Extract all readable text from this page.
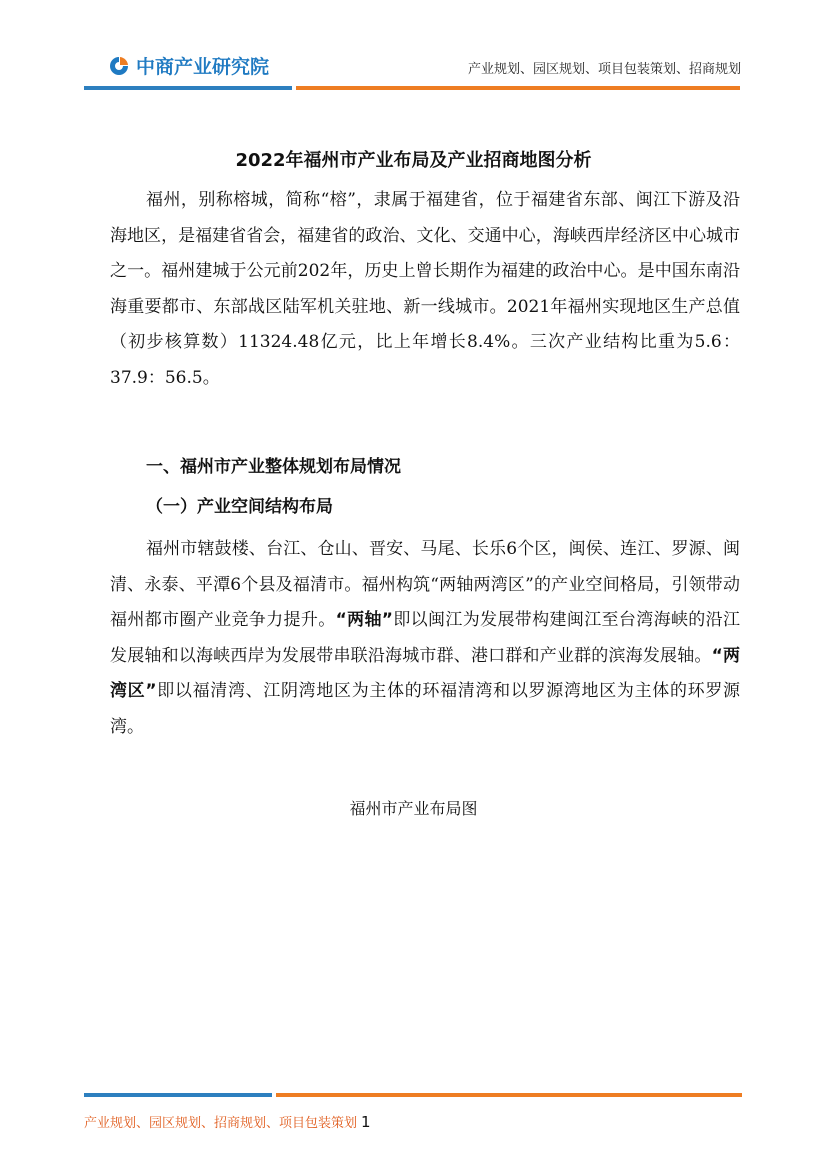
中商产业研究院	产业规划、园区规划、项目包装策划、招商规划
2022年福州市产业布局及产业招商地图分析

福州，别称榕城，简称“榕”，隶属于福建省，位于福建省东部、闽江下游及沿海地区，是福建省省会，福建省的政治、文化、交通中心，海峡西岸经济区中心城市之一。福州建城于公元前202年，历史上曾长期作为福建的政治中心。是中国东南沿海重要都市、东部战区陆军机关驻地、新一线城市。2021年福州实现地区生产总值（初步核算数）11324.48亿元，比上年增长8.4%。三次产业结构比重为5.6：37.9：56.5。

一、福州市产业整体规划布局情况
（一）产业空间结构布局

福州市辖鼓楼、台江、仓山、晋安、马尾、长乐6个区，闽侯、连江、罗源、闽清、永泰、平潭6个县及福清市。福州构筑“两轴两湾区”的产业空间格局，引领带动福州都市圈产业竞争力提升。“两轴”即以闽江为发展带构建闽江至台湾海峡的沿江发展轴和以海峡西岸为发展带串联沿海城市群、港口群和产业群的滨海发展轴。“两湾区”即以福清湾、江阴湾地区为主体的环福清湾和以罗源湾地区为主体的环罗源湾。

福州市产业布局图
产业规划、园区规划、招商规划、项目包装策划 1
